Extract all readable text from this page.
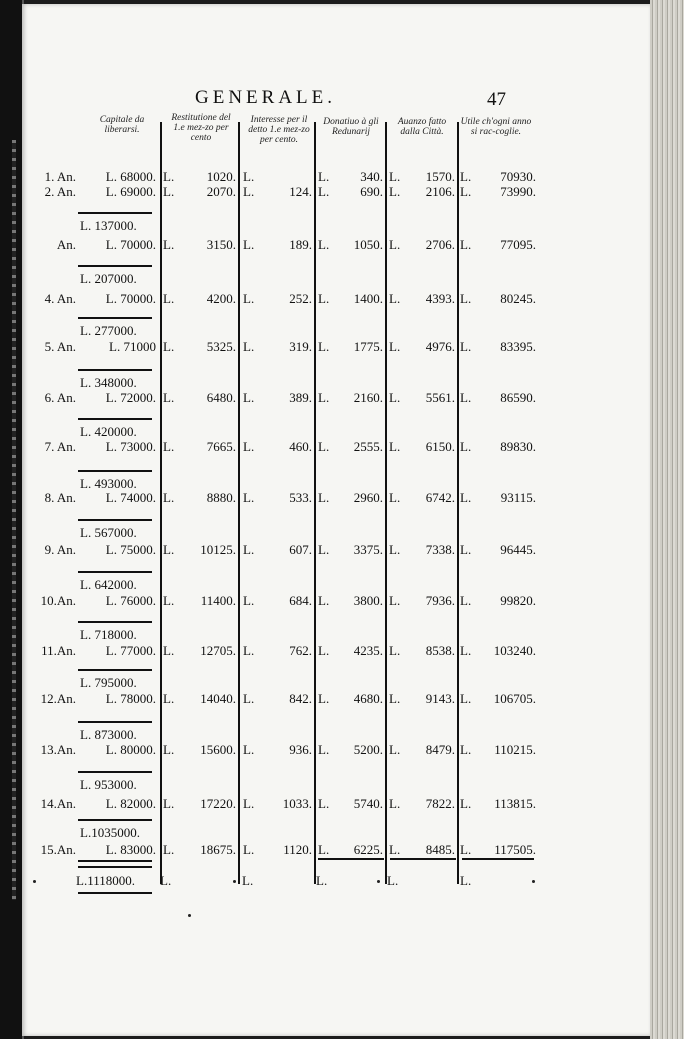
GENERALE.	47
Capitale da liberarsi.
Restitutione del 1.e mez-zo per cento
Interesse per il detto 1.e mez-zo per cento.
Donatiuo à gli Redunarij
Auanzo fatto dalla Città.
Utile ch'ogni anno si rac-coglie.
1. An.	L. 68000. L.	1020. L.	L.	340. L.	1570. L.	70930.
2. An.	L. 69000. L.	2070. L.	124. L.	690. L.	2106. L.	73990.
L. 137000.
An.	L. 70000. L.	3150. L.	189. L.	1050. L.	2706. L.	77095.
L. 207000.
4. An.	L. 70000. L.	4200. L.	252. L.	1400. L.	4393. L.	80245.
L. 277000.
5. An.	L. 71000 L.	5325. L.	319. L.	1775. L.	4976. L.	83395.
L. 348000.
6. An.	L. 72000. L.	6480. L.	389. L.	2160. L.	5561. L.	86590.
L. 420000.
7. An.	L. 73000. L.	7665. L.	460. L.	2555. L.	6150. L.	89830.
L. 493000.
8. An.	L. 74000. L.	8880. L.	533. L.	2960. L.	6742. L.	93115.
L. 567000.
9. An.	L. 75000. L.	10125. L.	607. L.	3375. L.	7338. L.	96445.
L. 642000.
10.An.	L. 76000. L.	11400. L.	684. L.	3800. L.	7936. L.	99820.
L. 718000.
11.An.	L. 77000. L.	12705. L.	762. L.	4235. L.	8538. L.	103240.
L. 795000.
12.An.	L. 78000. L.	14040. L.	842. L.	4680. L.	9143. L.	106705.
L. 873000.
13.An.	L. 80000. L.	15600. L.	936. L.	5200. L.	8479. L.	110215.
L. 953000.
14.An.	L. 82000. L.	17220. L.	1033. L.	5740. L.	7822. L.	113815.
L.1035000.
15.An.	L. 83000. L.	18675. L.	1120. L.	6225. L.	8485. L.	117505.
L.1118000.	L.	L.	L.	L.	L.
